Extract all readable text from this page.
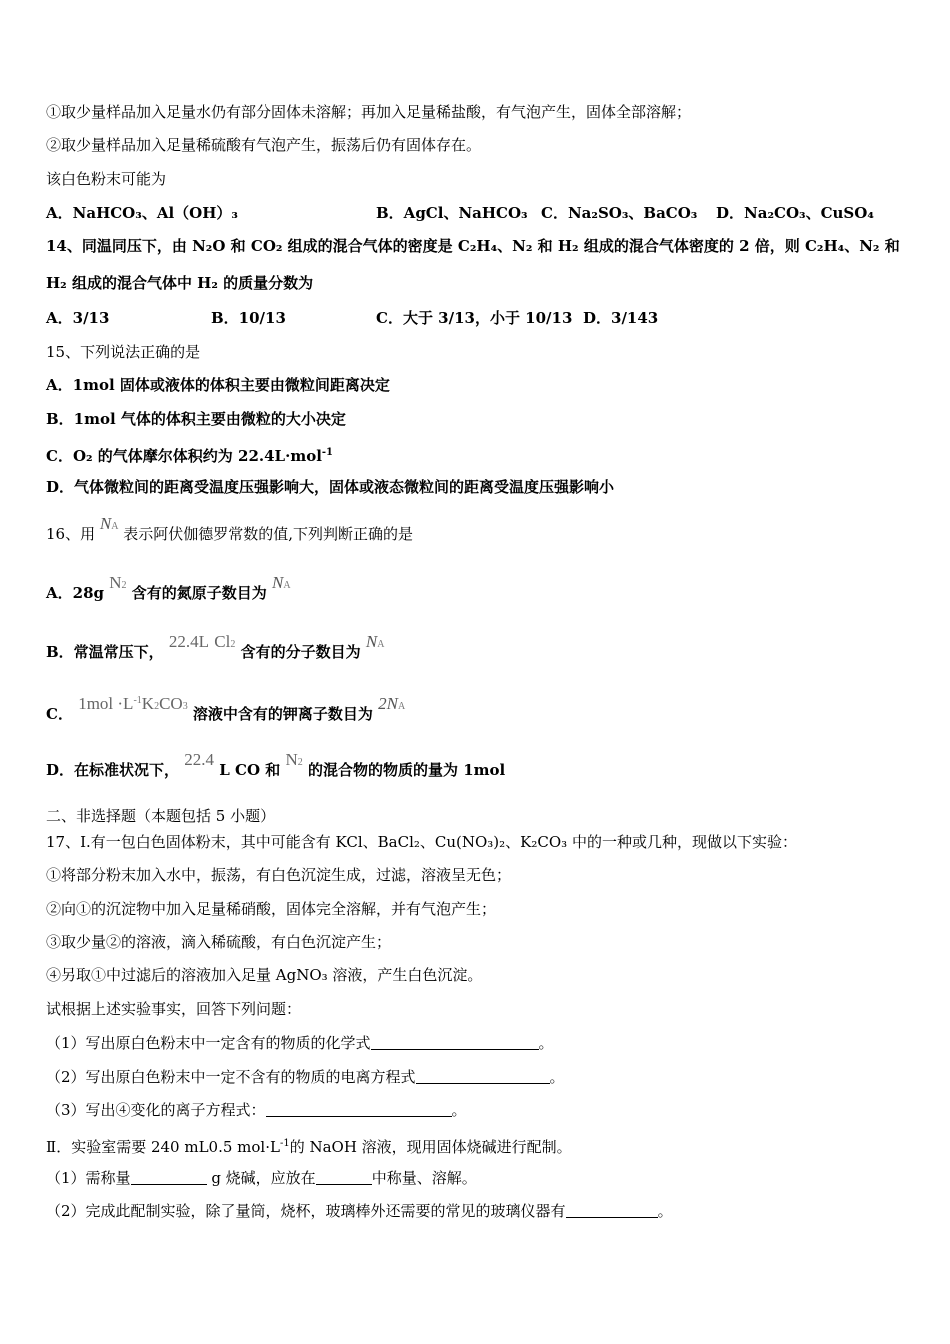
①取少量样品加入足量水仍有部分固体未溶解；再加入足量稀盐酸，有气泡产生，固体全部溶解；
②取少量样品加入足量稀硫酸有气泡产生，振荡后仍有固体存在。
该白色粉末可能为
A．NaHCO₃、Al（OH）₃	B．AgCl、NaHCO₃ C．Na₂SO₃、BaCO₃ D．Na₂CO₃、CuSO₄
14、同温同压下，由 N₂O 和 CO₂ 组成的混合气体的密度是 C₂H₄、N₂ 和 H₂ 组成的混合气体密度的 2 倍，则 C₂H₄、N₂ 和
H₂ 组成的混合气体中 H₂ 的质量分数为
A．3/13	B．10/13	C．大于 3/13，小于 10/13 D．3/143
15、下列说法正确的是
A．1mol 固体或液体的体积主要由微粒间距离决定
B．1mol 气体的体积主要由微粒的大小决定
C．O₂ 的气体摩尔体积约为 22.4L·mol$^{-1}$
D．气体微粒间的距离受温度压强影响大，固体或液态微粒间的距离受温度压强影响小
16、用 NA 表示阿伏伽德罗常数的值,下列判断正确的是
A．28g N2 含有的氮原子数目为 NA
B．常温常压下， 22.4L Cl2 含有的分子数目为 NA
C． $1mol \cdot L^{-1}K2CO3$ 溶液中含有的钾离子数目为 2NA
D．在标准状况下， 22.4 L CO 和 N2 的混合物的物质的量为 1mol
二、非选择题（本题包括 5 小题）
17、Ⅰ.有一包白色固体粉末，其中可能含有 KCl、BaCl₂、Cu(NO₃)₂、K₂CO₃ 中的一种或几种，现做以下实验：
①将部分粉末加入水中，振荡，有白色沉淀生成，过滤，溶液呈无色；
②向①的沉淀物中加入足量稀硝酸，固体完全溶解，并有气泡产生；
③取少量②的溶液，滴入稀硫酸，有白色沉淀产生；
④另取①中过滤后的溶液加入足量 AgNO₃ 溶液，产生白色沉淀。
试根据上述实验事实，回答下列问题：
（1）写出原白色粉末中一定含有的物质的化学式	。
（2）写出原白色粉末中一定不含有的物质的电离方程式	。
（3）写出④变化的离子方程式：	。
Ⅱ．实验室需要 240 mL0.5 $mol\cdot L^{-1}$的 NaOH 溶液，现用固体烧碱进行配制。
（1）需称量	g 烧碱，应放在	中称量、溶解。
（2）完成此配制实验，除了量筒，烧杯，玻璃棒外还需要的常见的玻璃仪器有	。
